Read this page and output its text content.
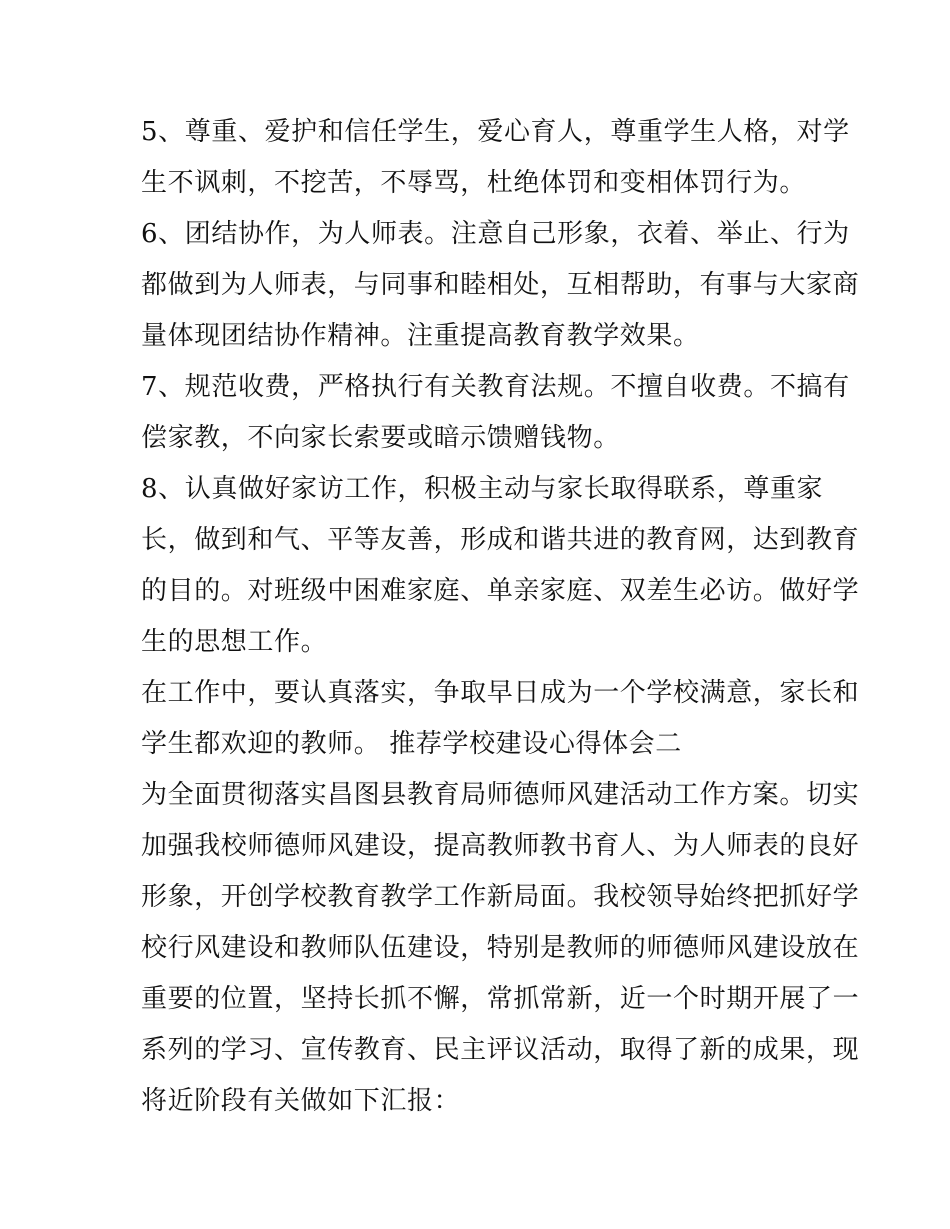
5、尊重、爱护和信任学生，爱心育人，尊重学生人格，对学
生不讽刺，不挖苦，不辱骂，杜绝体罚和变相体罚行为。
6、团结协作，为人师表。注意自己形象，衣着、举止、行为
都做到为人师表，与同事和睦相处，互相帮助，有事与大家商
量体现团结协作精神。注重提高教育教学效果。
7、规范收费，严格执行有关教育法规。不擅自收费。不搞有
偿家教，不向家长索要或暗示馈赠钱物。
8、认真做好家访工作，积极主动与家长取得联系，尊重家
长，做到和气、平等友善，形成和谐共进的教育网，达到教育
的目的。对班级中困难家庭、单亲家庭、双差生必访。做好学
生的思想工作。
在工作中，要认真落实，争取早日成为一个学校满意，家长和
学生都欢迎的教师。 推荐学校建设心得体会二
为全面贯彻落实昌图县教育局师德师风建活动工作方案。切实
加强我校师德师风建设，提高教师教书育人、为人师表的良好
形象，开创学校教育教学工作新局面。我校领导始终把抓好学
校行风建设和教师队伍建设，特别是教师的师德师风建设放在
重要的位置，坚持长抓不懈，常抓常新，近一个时期开展了一
系列的学习、宣传教育、民主评议活动，取得了新的成果，现
将近阶段有关做如下汇报：
